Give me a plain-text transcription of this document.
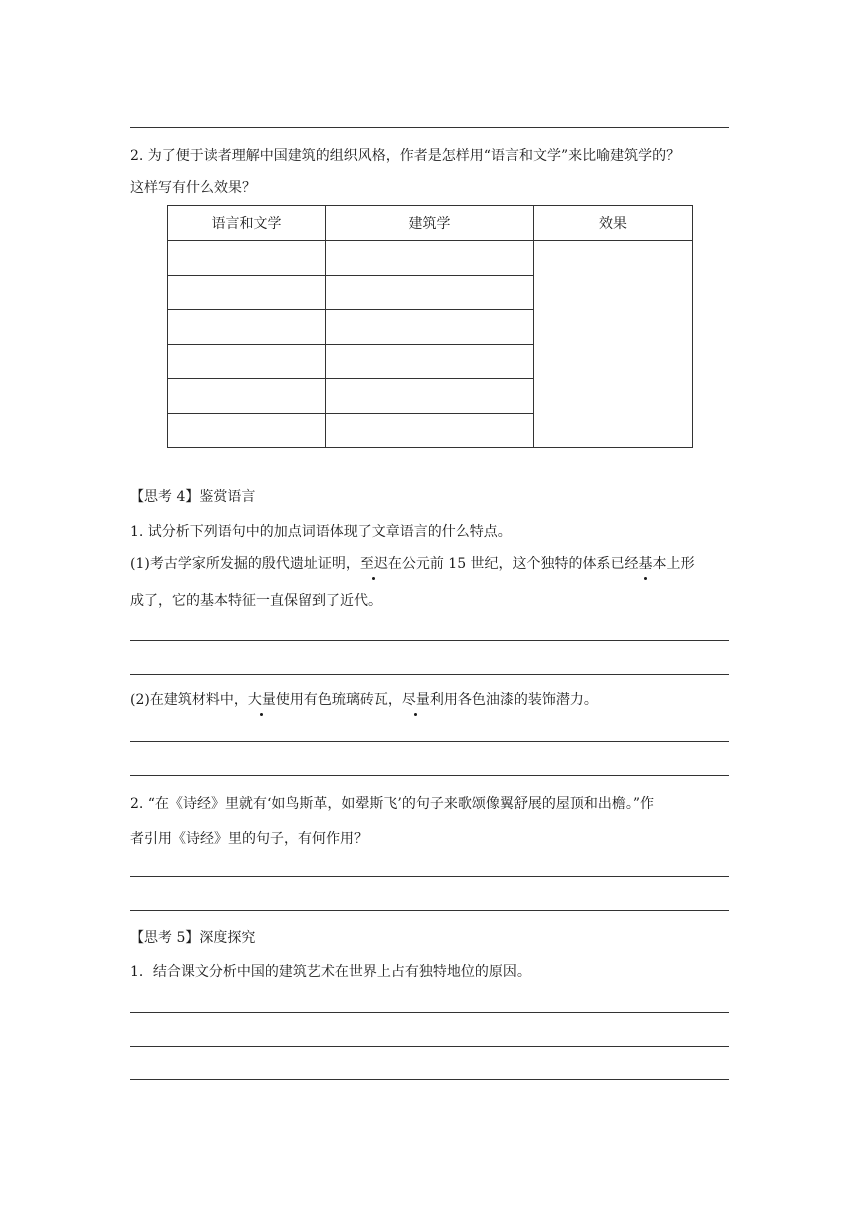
2. 为了便于读者理解中国建筑的组织风格，作者是怎样用“语言和文学”来比喻建筑学的？
这样写有什么效果？
语言和文学	建筑学	效果

【思考 4】鉴赏语言
1. 试分析下列语句中的加点词语体现了文章语言的什么特点。
(1)考古学家所发掘的殷代遗址证明，至迟在公元前 15 世纪，这个独特的体系已经基本上形
成了，它的基本特征一直保留到了近代。
(2)在建筑材料中，大量使用有色琉璃砖瓦，尽量利用各色油漆的装饰潜力。
2. “在《诗经》里就有‘如鸟斯革，如翚斯飞’的句子来歌颂像翼舒展的屋顶和出檐。”作
者引用《诗经》里的句子，有何作用？
【思考 5】深度探究
1．结合课文分析中国的建筑艺术在世界上占有独特地位的原因。
